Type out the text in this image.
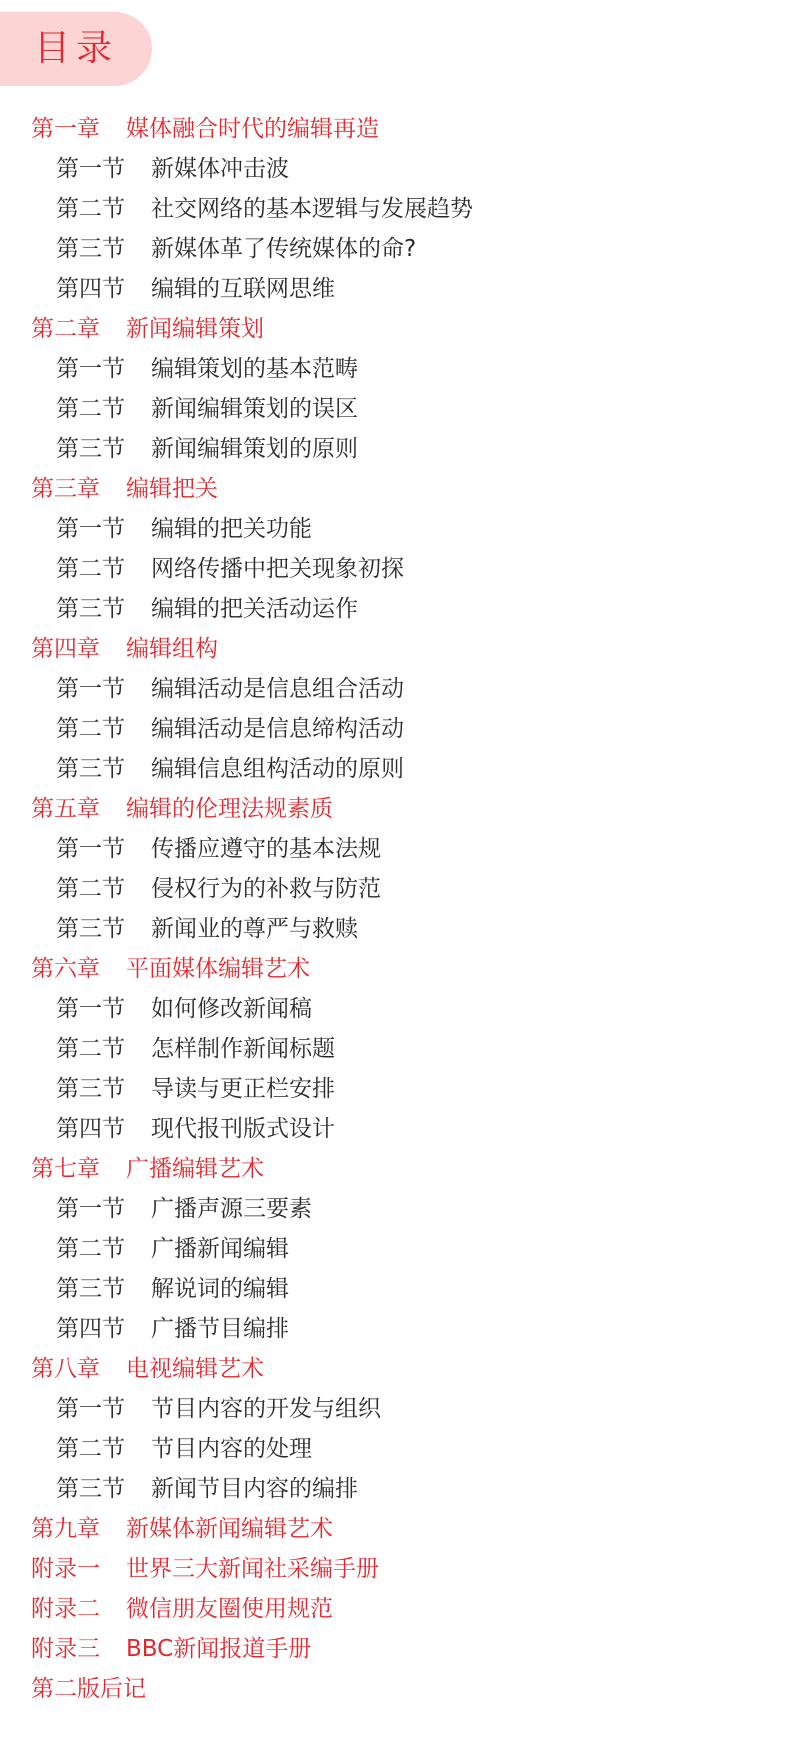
目录
第一章 媒体融合时代的编辑再造
第一节 新媒体冲击波
第二节 社交网络的基本逻辑与发展趋势
第三节 新媒体革了传统媒体的命?
第四节 编辑的互联网思维
第二章 新闻编辑策划
第一节 编辑策划的基本范畴
第二节 新闻编辑策划的误区
第三节 新闻编辑策划的原则
第三章 编辑把关
第一节 编辑的把关功能
第二节 网络传播中把关现象初探
第三节 编辑的把关活动运作
第四章 编辑组构
第一节 编辑活动是信息组合活动
第二节 编辑活动是信息缔构活动
第三节 编辑信息组构活动的原则
第五章 编辑的伦理法规素质
第一节 传播应遵守的基本法规
第二节 侵权行为的补救与防范
第三节 新闻业的尊严与救赎
第六章 平面媒体编辑艺术
第一节 如何修改新闻稿
第二节 怎样制作新闻标题
第三节 导读与更正栏安排
第四节 现代报刊版式设计
第七章 广播编辑艺术
第一节 广播声源三要素
第二节 广播新闻编辑
第三节 解说词的编辑
第四节 广播节目编排
第八章 电视编辑艺术
第一节 节目内容的开发与组织
第二节 节目内容的处理
第三节 新闻节目内容的编排
第九章 新媒体新闻编辑艺术
附录一 世界三大新闻社采编手册
附录二 微信朋友圈使用规范
附录三 BBC新闻报道手册
第二版后记
